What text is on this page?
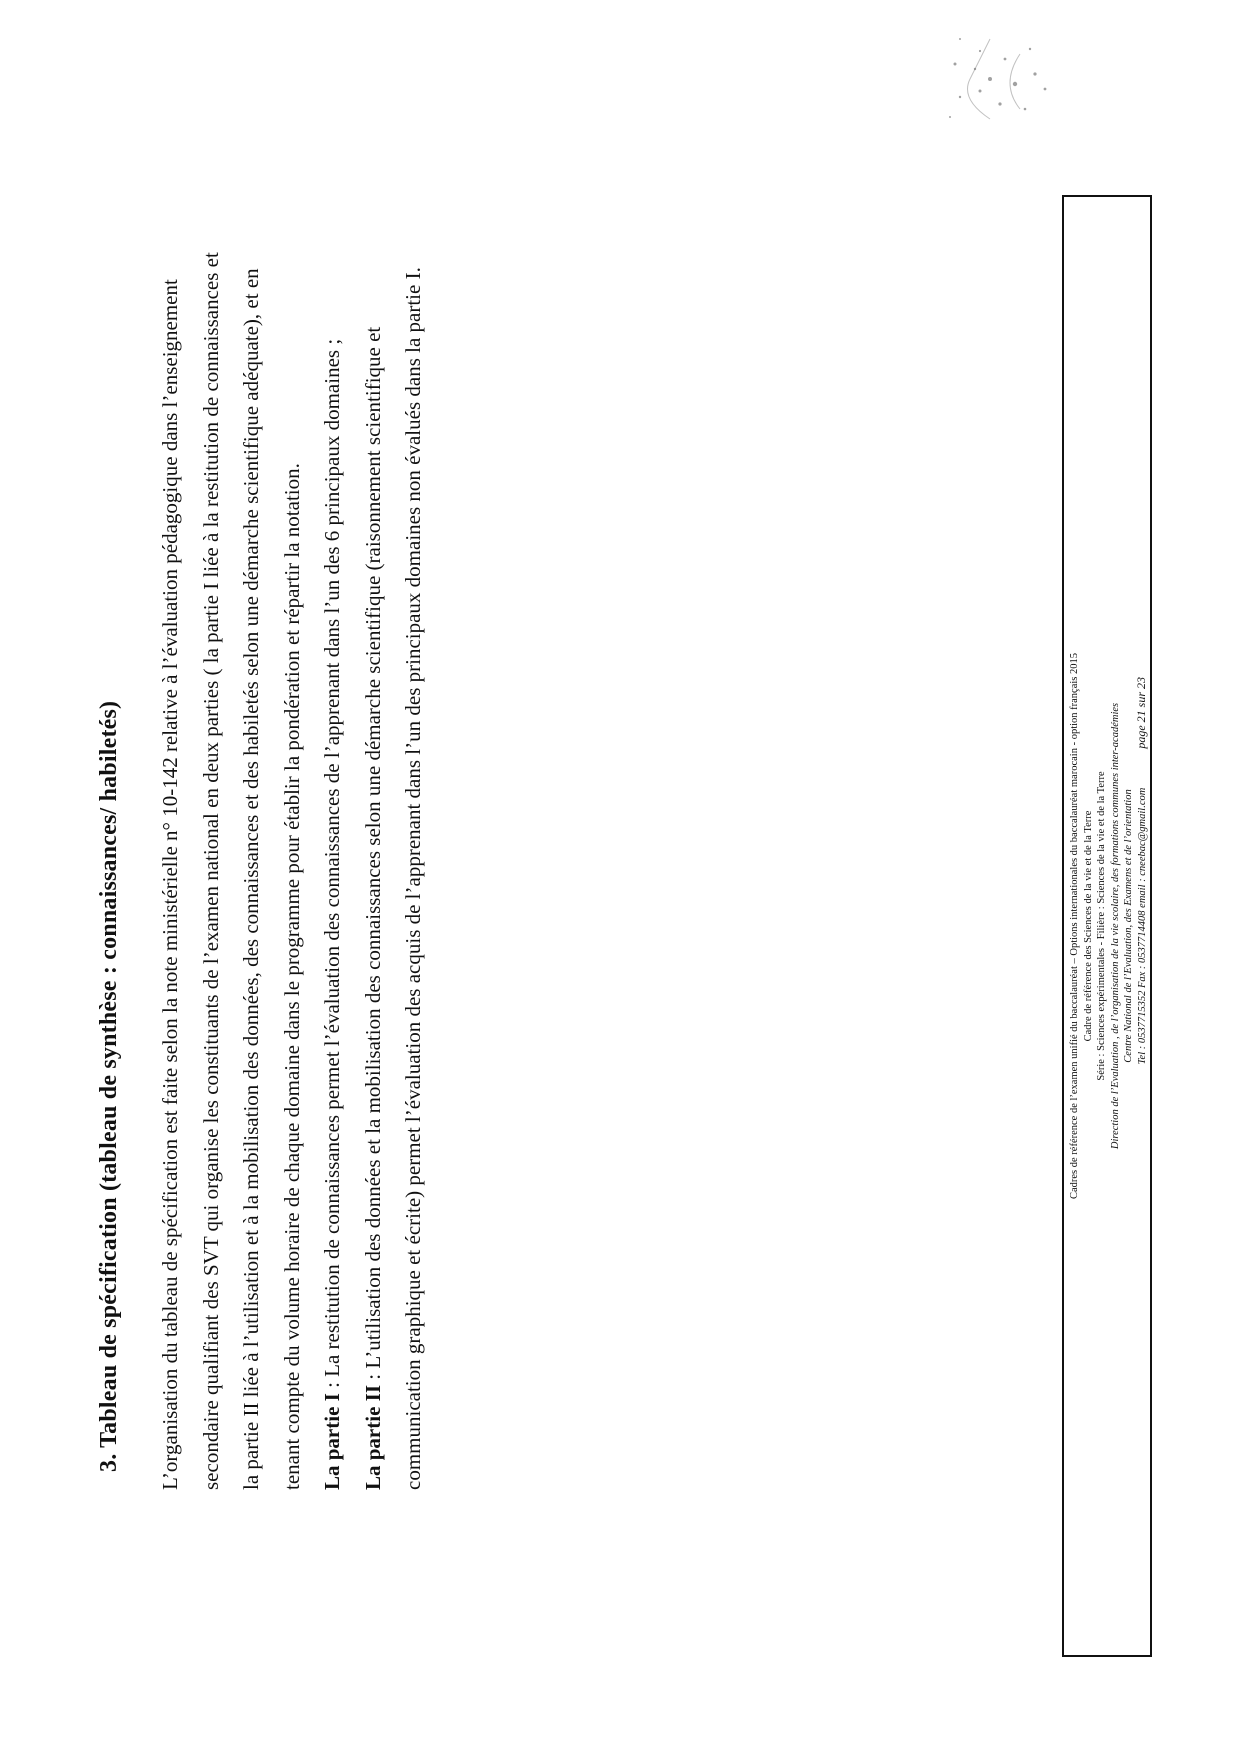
3. Tableau de spécification (tableau de synthèse : connaissances/ habiletés)	L’organisation du tableau de spécification est faite selon la note ministérielle n° 10-142 relative à l’évaluation pédagogique dans l’enseignement secondaire qualifiant des SVT qui organise les constituants de l’examen national en deux parties ( la partie I liée à la restitution de connaissances et la partie II liée à l’utilisation et à la mobilisation des données, des connaissances et des habiletés selon une démarche scientifique adéquate), et en tenant compte du volume horaire de chaque domaine dans le programme pour établir la pondération et répartir la notation. La partie I : La restitution de connaissances permet l’évaluation des connaissances de l’apprenant dans l’un des 6 principaux domaines ;

La partie II : L’utilisation des données et la mobilisation des connaissances selon une démarche scientifique (raisonnement scientifique et communication graphique et écrite) permet l’évaluation des acquis de l’apprenant dans l’un des principaux domaines non évalués dans la partie I.	Cadres de référence de l’examen unifié du baccalauréat – Options internationales du baccalauréat marocain - option français 2015 Cadre de référence des Sciences de la vie et de la Terre Série : Sciences expérimentales - Filière : Sciences de la vie et de la Terre Direction de l’Evaluation , de l’organisation de la vie scolaire, des formations communes inter-académies Centre National de l’Evaluation, des Examens et de l’orientation Tel : 0537715352 Fax : 0537714408 email : cneebac@gmail.com
page 21 sur 23
